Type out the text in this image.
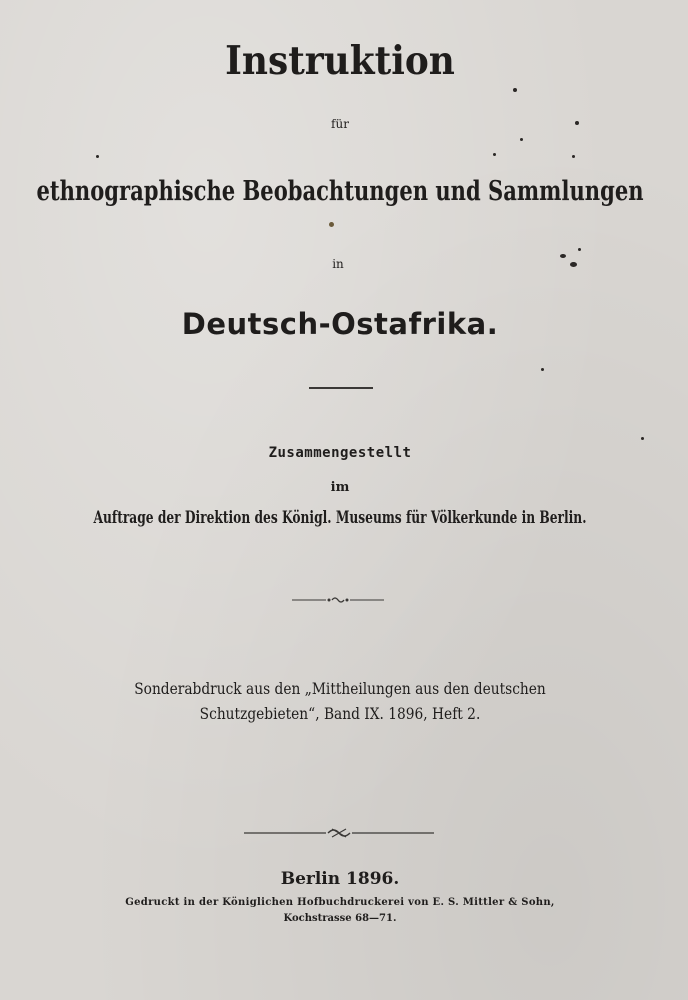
Instruktion
für
ethnographische Beobachtungen und Sammlungen
in
Deutsch-Ostafrika.
Zusammengestellt
im
Auftrage der Direktion des Königl. Museums für Völkerkunde in Berlin.
Sonderabdruck aus den „Mittheilungen aus den deutschen
Schutzgebieten“, Band IX. 1896, Heft 2.
Berlin 1896.
Gedruckt in der Königlichen Hofbuchdruckerei von E. S. Mittler & Sohn,
Kochstrasse 68—71.
